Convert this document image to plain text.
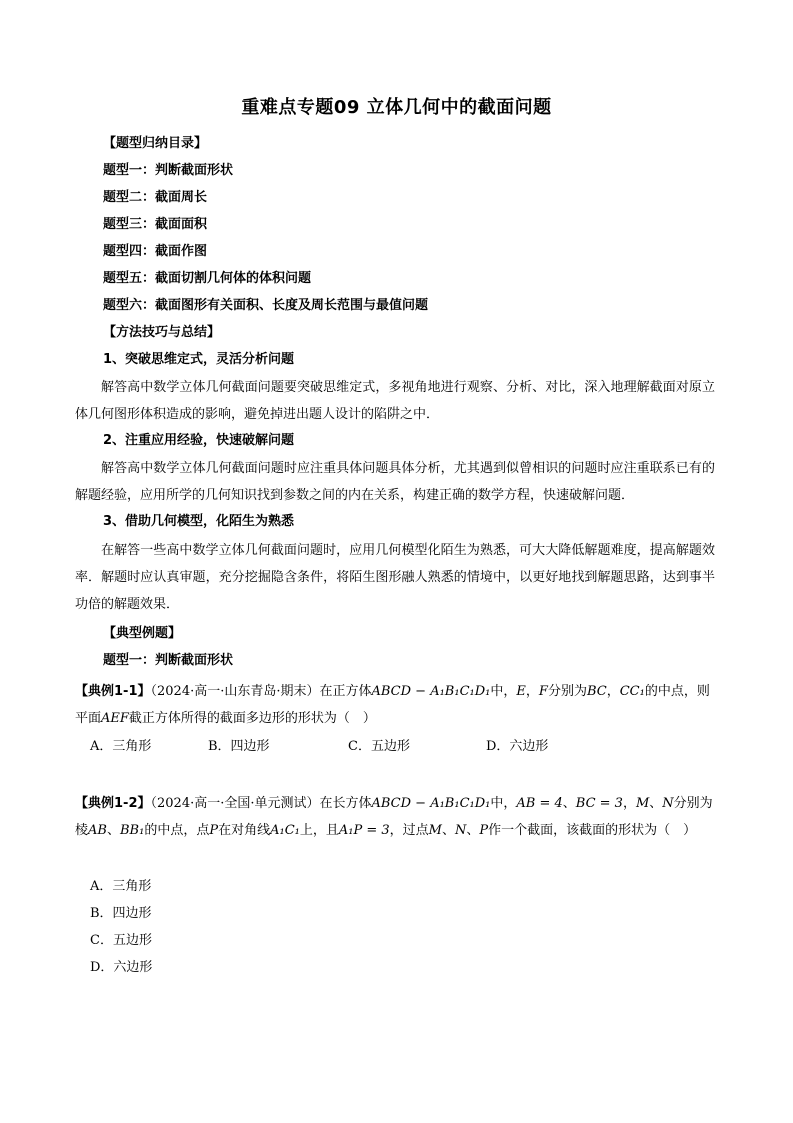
重难点专题09 立体几何中的截面问题
【题型归纳目录】
题型一：判断截面形状
题型二：截面周长
题型三：截面面积
题型四：截面作图
题型五：截面切割几何体的体积问题
题型六：截面图形有关面积、长度及周长范围与最值问题
【方法技巧与总结】
1、突破思维定式，灵活分析问题
解答高中数学立体几何截面问题要突破思维定式，多视角地进行观察、分析、对比，深入地理解截面对原立体几何图形体积造成的影响，避免掉进出题人设计的陷阱之中．
2、注重应用经验，快速破解问题
解答高中数学立体几何截面问题时应注重具体问题具体分析，尤其遇到似曾相识的问题时应注重联系已有的解题经验，应用所学的几何知识找到参数之间的内在关系，构建正确的数学方程，快速破解问题．
3、借助几何模型，化陌生为熟悉
在解答一些高中数学立体几何截面问题时，应用几何模型化陌生为熟悉，可大大降低解题难度，提高解题效率．解题时应认真审题，充分挖掘隐含条件，将陌生图形融人熟悉的情境中，以更好地找到解题思路，达到事半功倍的解题效果．
【典型例题】
题型一：判断截面形状
【典例1-1】（2024·高一·山东青岛·期末）在正方体ABCD − A₁B₁C₁D₁中，E，F分别为BC，CC₁的中点，则平面AEF截正方体所得的截面多边形的形状为（　）
A．三角形	B．四边形	C．五边形	D．六边形
【典例1-2】（2024·高一·全国·单元测试）在长方体ABCD − A₁B₁C₁D₁中，AB = 4、BC = 3，M、N分别为棱AB、BB₁的中点，点P在对角线A₁C₁上，且A₁P = 3，过点M、N、P作一个截面，该截面的形状为（　）
A．三角形
B．四边形
C．五边形
D．六边形
